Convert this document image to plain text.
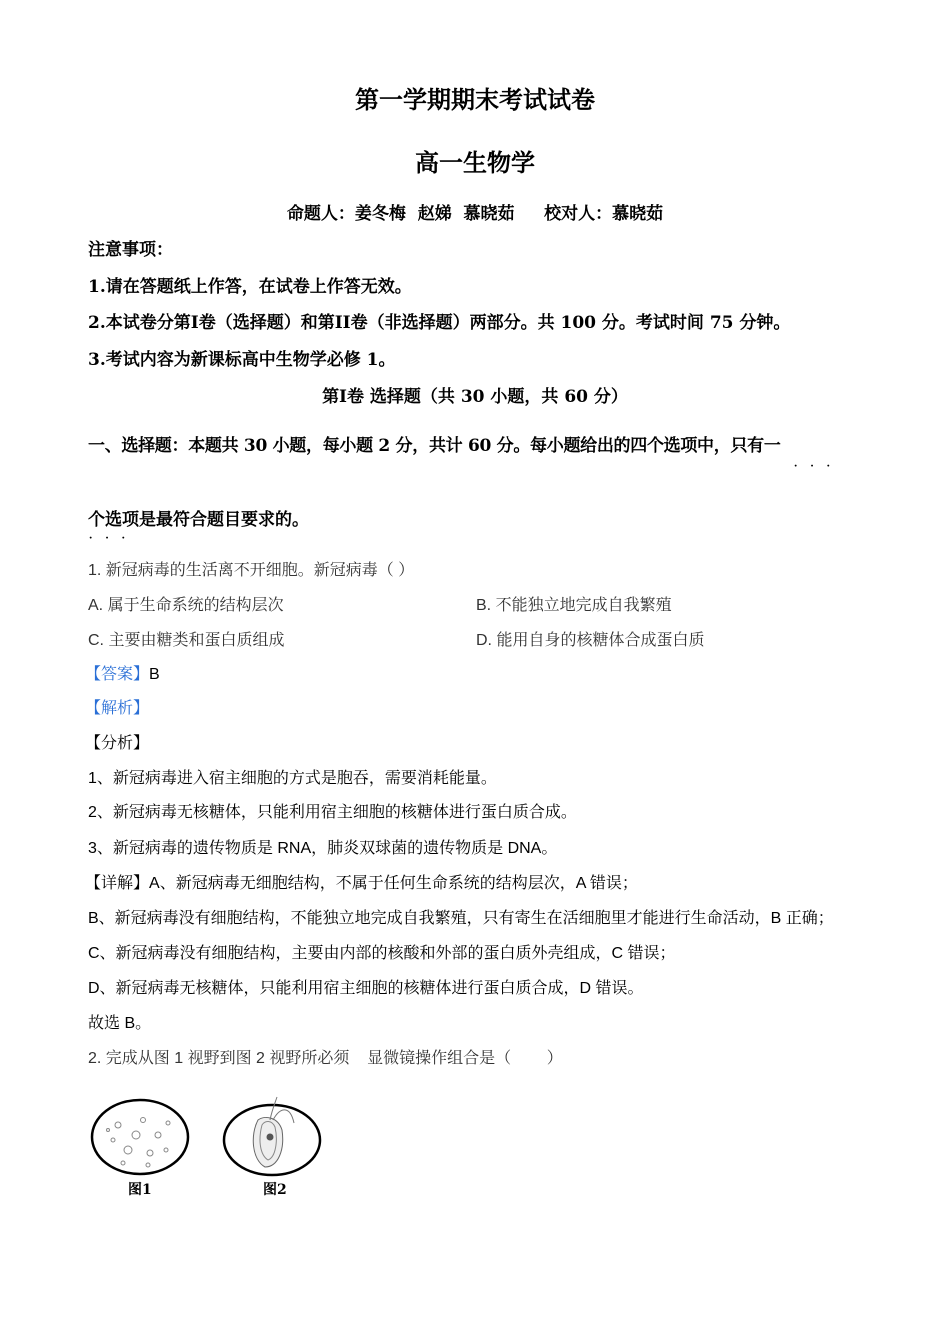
第一学期期末考试试卷
高一生物学
命题人：姜冬梅  赵娣  慕晓茹     校对人：慕晓茹
注意事项：
1.请在答题纸上作答，在试卷上作答无效。
2.本试卷分第I卷（选择题）和第II卷（非选择题）两部分。共 100 分。考试时间 75 分钟。
3.考试内容为新课标高中生物学必修 1。
第I卷 选择题（共 30 小题，共 60 分）
一、选择题：本题共 30 小题，每小题 2 分，共计 60 分。每小题给出的四个选项中，只有一
···
个选项是最符合题目要求的。
···
1. 新冠病毒的生活离不开细胞。新冠病毒（ ）
A. 属于生命系统的结构层次	B. 不能独立地完成自我繁殖
C. 主要由糖类和蛋白质组成	D. 能用自身的核糖体合成蛋白质
【答案】B
【解析】
【分析】
1、新冠病毒进入宿主细胞的方式是胞吞，需要消耗能量。
2、新冠病毒无核糖体，只能利用宿主细胞的核糖体进行蛋白质合成。
3、新冠病毒的遗传物质是 RNA，肺炎双球菌的遗传物质是 DNA。
【详解】A、新冠病毒无细胞结构，不属于任何生命系统的结构层次，A 错误；
B、新冠病毒没有细胞结构，不能独立地完成自我繁殖，只有寄生在活细胞里才能进行生命活动，B 正确；
C、新冠病毒没有细胞结构，主要由内部的核酸和外部的蛋白质外壳组成，C 错误；
D、新冠病毒无核糖体，只能利用宿主细胞的核糖体进行蛋白质合成，D 错误。
故选 B。
2. 完成从图 1 视野到图 2 视野所必须    显微镜操作组合是（        ）
图1	图2
